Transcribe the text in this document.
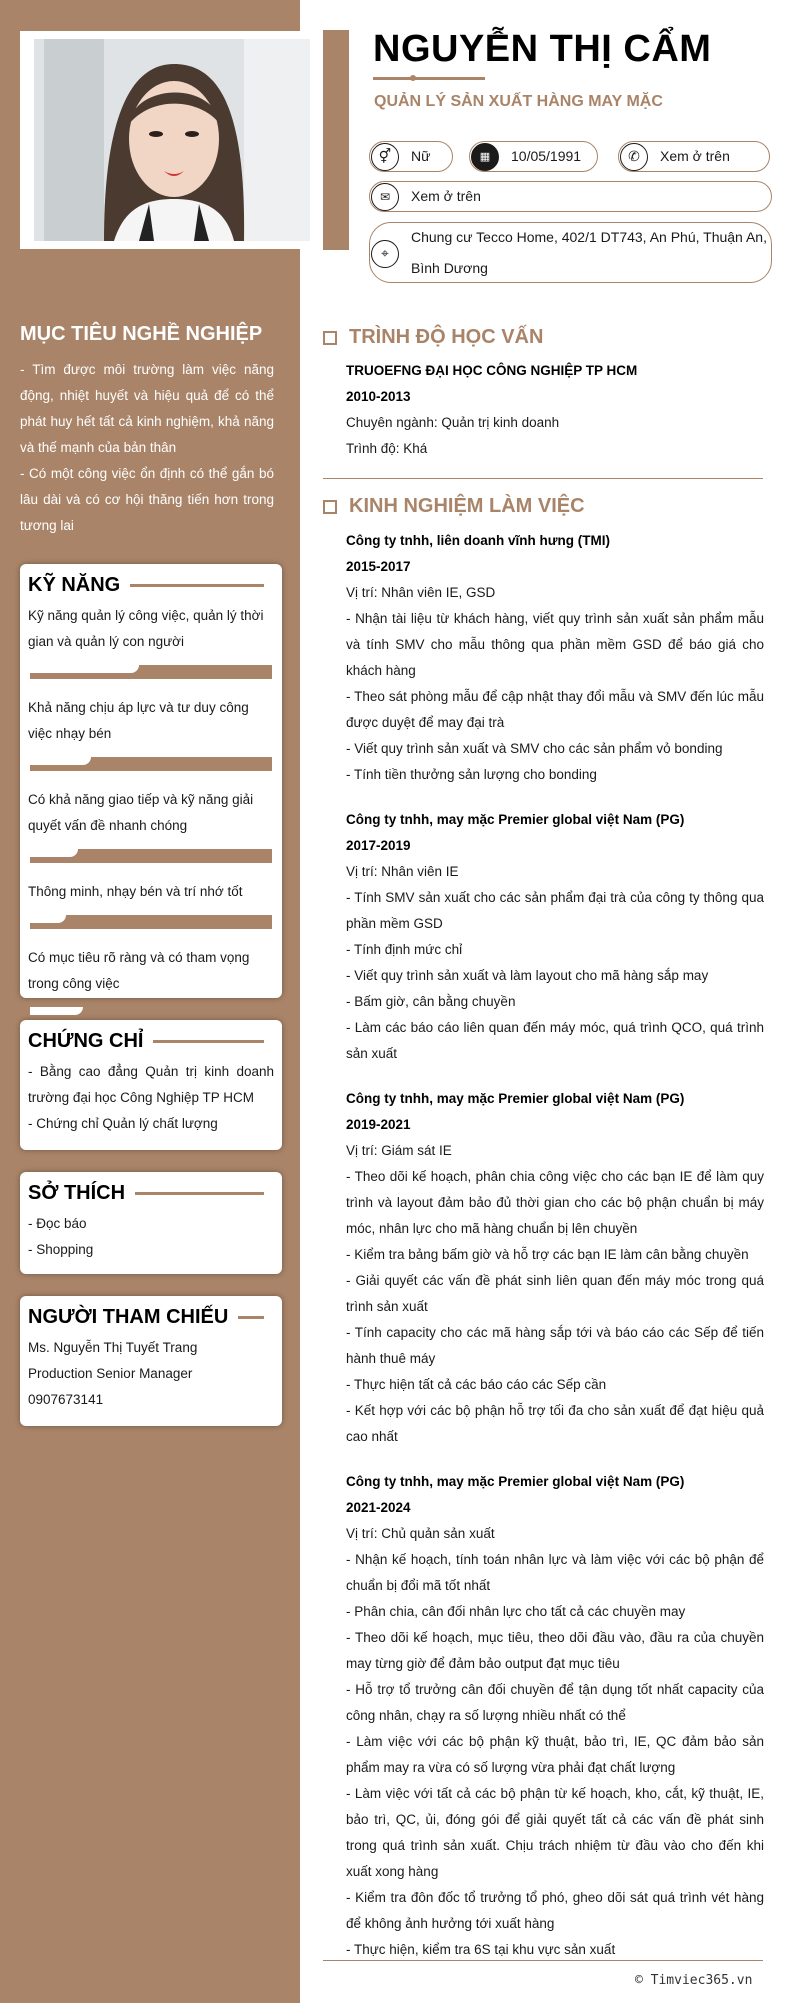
NGUYỄN THỊ CẨM
QUẢN LÝ SẢN XUẤT HÀNG MAY MẶC
⚥	Nữ	▦	10/05/1991	✆	Xem ở trên
✉	Xem ở trên
⌖
Chung cư Tecco Home, 402/1 DT743, An Phú, Thuận An,
Bình Dương
MỤC TIÊU NGHỀ NGHIỆP
- Tìm được môi trường làm việc năng động, nhiệt huyết và hiệu quả để có thể phát huy hết tất cả kinh nghiệm, khả năng và thế mạnh của bản thân
- Có một công việc ổn định có thể gắn bó lâu dài và có cơ hội thăng tiến hơn trong tương lai
KỸ NĂNG

Kỹ năng quản lý công việc, quản lý thời gian và quản lý con người

Khả năng chịu áp lực và tư duy công việc nhạy bén

Có khả năng giao tiếp và kỹ năng giải quyết vấn đề nhanh chóng

Thông minh, nhạy bén và trí nhớ tốt

Có mục tiêu rõ ràng và có tham vọng trong công việc

CHỨNG CHỈ

- Bằng cao đẳng Quản trị kinh doanh trường đại học Công Nghiệp TP HCM
- Chứng chỉ Quản lý chất lượng

SỞ THÍCH

- Đọc báo

- Shopping

NGƯỜI THAM CHIẾU

Ms. Nguyễn Thị Tuyết Trang

Production Senior Manager

0907673141

TRÌNH ĐỘ HỌC VẤN
TRUOEFNG ĐẠI HỌC CÔNG NGHIỆP TP HCM
2010-2013
Chuyên ngành: Quản trị kinh doanh
Trình độ: Khá
KINH NGHIỆM LÀM VIỆC
Công ty tnhh, liên doanh vĩnh hưng (TMI)
2015-2017
Vị trí: Nhân viên IE, GSD
- Nhận tài liệu từ khách hàng, viết quy trình sản xuất sản phẩm mẫu và tính SMV cho mẫu thông qua phần mềm GSD để báo giá cho khách hàng
- Theo sát phòng mẫu để cập nhật thay đổi mẫu và SMV đến lúc mẫu được duyệt để may đại trà
- Viết quy trình sản xuất và SMV cho các sản phẩm vỏ bonding
- Tính tiền thưởng sản lượng cho bonding
Công ty tnhh, may mặc Premier global việt Nam (PG)
2017-2019
Vị trí: Nhân viên IE
- Tính SMV sản xuất cho các sản phẩm đại trà của công ty thông qua phần mềm GSD
- Tính định mức chỉ
- Viết quy trình sản xuất và làm layout cho mã hàng sắp may
- Bấm giờ, cân bằng chuyền
- Làm các báo cáo liên quan đến máy móc, quá trình QCO, quá trình sản xuất
Công ty tnhh, may mặc Premier global việt Nam (PG)
2019-2021
Vị trí: Giám sát IE
- Theo dõi kế hoạch, phân chia công việc cho các bạn IE để làm quy trình và layout đảm bảo đủ thời gian cho các bộ phận chuẩn bị máy móc, nhân lực cho mã hàng chuẩn bị lên chuyền
- Kiểm tra bảng bấm giờ và hỗ trợ các bạn IE làm cân bằng chuyền
- Giải quyết các vấn đề phát sinh liên quan đến máy móc trong quá trình sản xuất
- Tính capacity cho các mã hàng sắp tới và báo cáo các Sếp để tiến hành thuê máy
- Thực hiện tất cả các báo cáo các Sếp cần
- Kết hợp với các bộ phận hỗ trợ tối đa cho sản xuất để đạt hiệu quả cao nhất
Công ty tnhh, may mặc Premier global việt Nam (PG)
2021-2024
Vị trí: Chủ quản sản xuất
- Nhận kế hoạch, tính toán nhân lực và làm việc với các bộ phận để chuẩn bị đổi mã tốt nhất
- Phân chia, cân đối nhân lực cho tất cả các chuyền may
- Theo dõi kế hoạch, mục tiêu, theo dõi đầu vào, đầu ra của chuyền may từng giờ để đảm bảo output đạt mục tiêu
- Hỗ trợ tổ trưởng cân đối chuyền để tận dụng tốt nhất capacity của công nhân, chạy ra số lượng nhiều nhất có thể
- Làm việc với các bộ phận kỹ thuật, bảo trì, IE, QC đảm bảo sản phẩm may ra vừa có số lượng vừa phải đạt chất lượng
- Làm việc với tất cả các bộ phận từ kế hoạch, kho, cắt, kỹ thuật, IE, bảo trì, QC, ủi, đóng gói để giải quyết tất cả các vấn đề phát sinh trong quá trình sản xuất. Chịu trách nhiệm từ đầu vào cho đến khi xuất xong hàng
- Kiểm tra đôn đốc tổ trưởng tổ phó, gheo dõi sát quá trình vét hàng để không ảnh hưởng tới xuất hàng
- Thực hiện, kiểm tra 6S tại khu vực sản xuất
© Timviec365.vn
